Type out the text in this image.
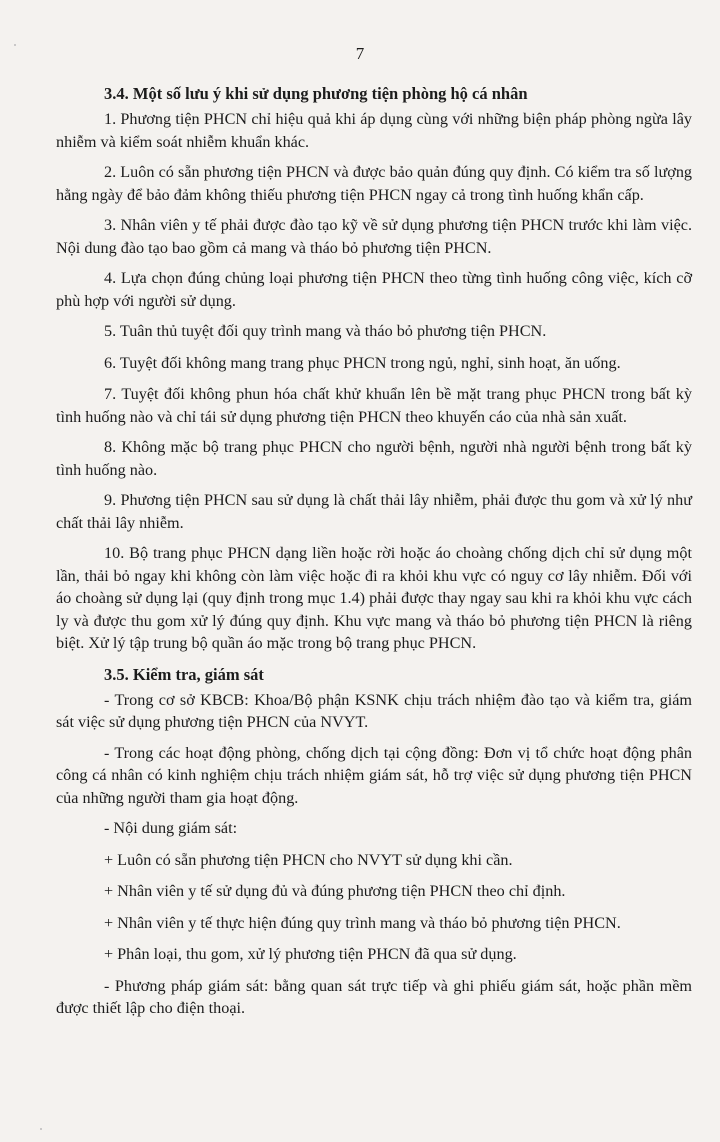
7
3.4. Một số lưu ý khi sử dụng phương tiện phòng hộ cá nhân

1. Phương tiện PHCN chỉ hiệu quả khi áp dụng cùng với những biện pháp phòng ngừa lây nhiễm và kiểm soát nhiễm khuẩn khác.

2. Luôn có sẵn phương tiện PHCN và được bảo quản đúng quy định. Có kiểm tra số lượng hằng ngày để bảo đảm không thiếu phương tiện PHCN ngay cả trong tình huống khẩn cấp.

3. Nhân viên y tế phải được đào tạo kỹ về sử dụng phương tiện PHCN trước khi làm việc. Nội dung đào tạo bao gồm cả mang và tháo bỏ phương tiện PHCN.

4. Lựa chọn đúng chủng loại phương tiện PHCN theo từng tình huống công việc, kích cỡ phù hợp với người sử dụng.

5. Tuân thủ tuyệt đối quy trình mang và tháo bỏ phương tiện PHCN.

6. Tuyệt đối không mang trang phục PHCN trong ngủ, nghỉ, sinh hoạt, ăn uống.

7. Tuyệt đối không phun hóa chất khử khuẩn lên bề mặt trang phục PHCN trong bất kỳ tình huống nào và chỉ tái sử dụng phương tiện PHCN theo khuyến cáo của nhà sản xuất.

8. Không mặc bộ trang phục PHCN cho người bệnh, người nhà người bệnh trong bất kỳ tình huống nào.

9. Phương tiện PHCN sau sử dụng là chất thải lây nhiễm, phải được thu gom và xử lý như chất thải lây nhiễm.

10. Bộ trang phục PHCN dạng liền hoặc rời hoặc áo choàng chống dịch chỉ sử dụng một lần, thải bỏ ngay khi không còn làm việc hoặc đi ra khỏi khu vực có nguy cơ lây nhiễm. Đối với áo choàng sử dụng lại (quy định trong mục 1.4) phải được thay ngay sau khi ra khỏi khu vực cách ly và được thu gom xử lý đúng quy định. Khu vực mang và tháo bỏ phương tiện PHCN là riêng biệt. Xử lý tập trung bộ quần áo mặc trong bộ trang phục PHCN.

3.5. Kiểm tra, giám sát

- Trong cơ sở KBCB: Khoa/Bộ phận KSNK chịu trách nhiệm đào tạo và kiểm tra, giám sát việc sử dụng phương tiện PHCN của NVYT.

- Trong các hoạt động phòng, chống dịch tại cộng đồng: Đơn vị tổ chức hoạt động phân công cá nhân có kinh nghiệm chịu trách nhiệm giám sát, hỗ trợ việc sử dụng phương tiện PHCN của những người tham gia hoạt động.

- Nội dung giám sát:

+ Luôn có sẵn phương tiện PHCN cho NVYT sử dụng khi cần.

+ Nhân viên y tế sử dụng đủ và đúng phương tiện PHCN theo chỉ định.

+ Nhân viên y tế thực hiện đúng quy trình mang và tháo bỏ phương tiện PHCN.

+ Phân loại, thu gom, xử lý phương tiện PHCN đã qua sử dụng.

- Phương pháp giám sát: bằng quan sát trực tiếp và ghi phiếu giám sát, hoặc phần mềm được thiết lập cho điện thoại.
